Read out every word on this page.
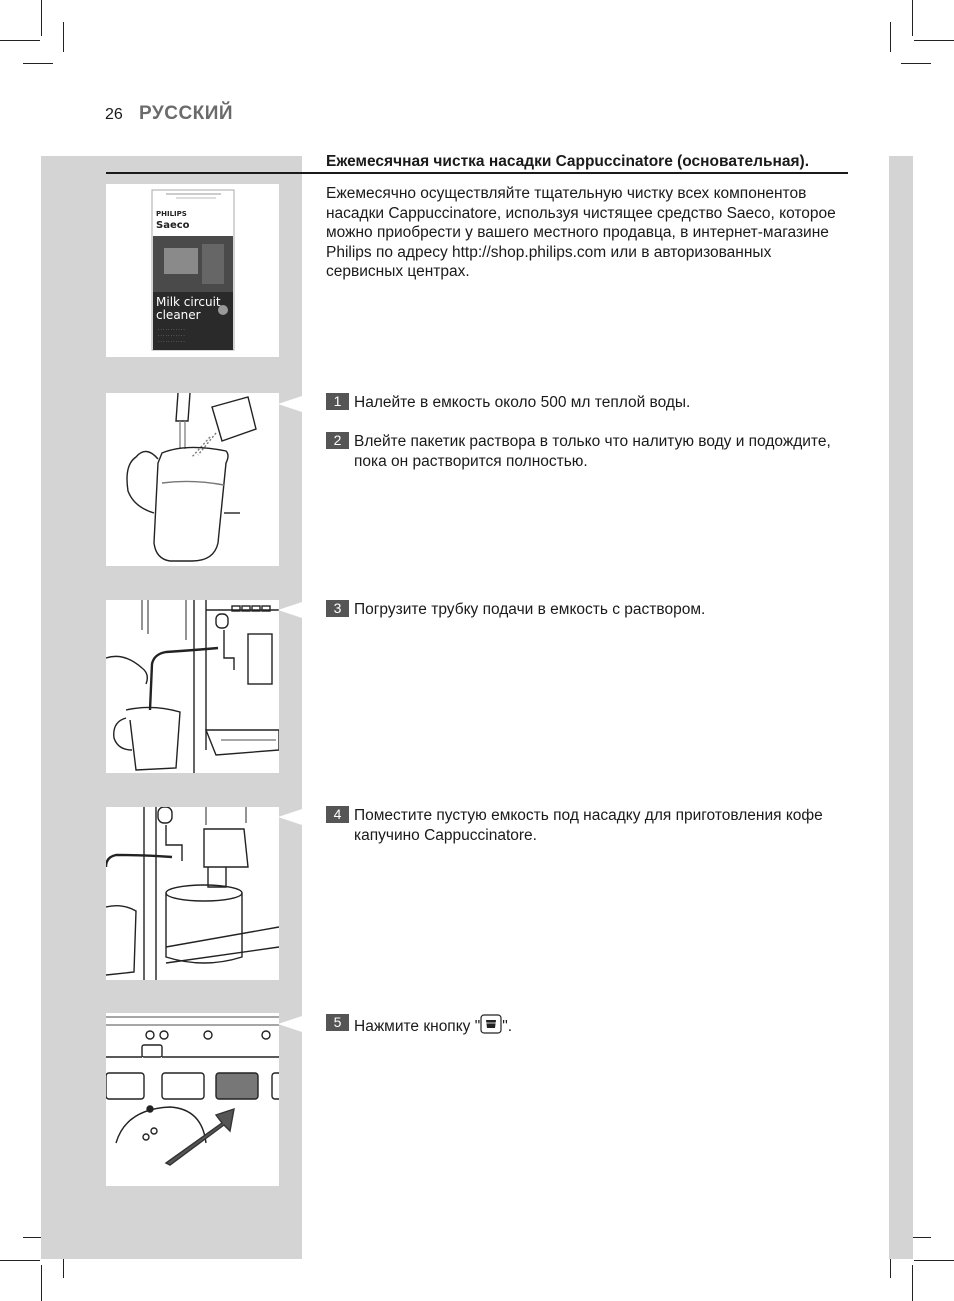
26 РУССКИЙ
Ежемесячная чистка насадки Cappuccinatore (основательная).

Ежемесячно осуществляйте тщательную чистку всех компонентов насадки Cappuccinatore, используя чистящее средство Saeco, которое можно приобрести у вашего местного продавца, в интернет-магазине Philips по адресу http://shop.philips.com или в авторизованных сервисных центрах.

· · · · · · · · · · ·
· · · · · · · · · · ·
· · · · · · · · · · ·
PHILIPS
Saeco
Milk circuit
cleaner
1 Налейте в емкость около 500 мл теплой воды.
2 Влейте пакетик раствора в только что налитую воду и подождите, пока он растворится полностью.
3 Погрузите трубку подачи в емкость с раствором.
4 Поместите пустую емкость под насадку для приготовления кофе капучино Cappuccinatore.
5 Нажмите кнопку " ".
